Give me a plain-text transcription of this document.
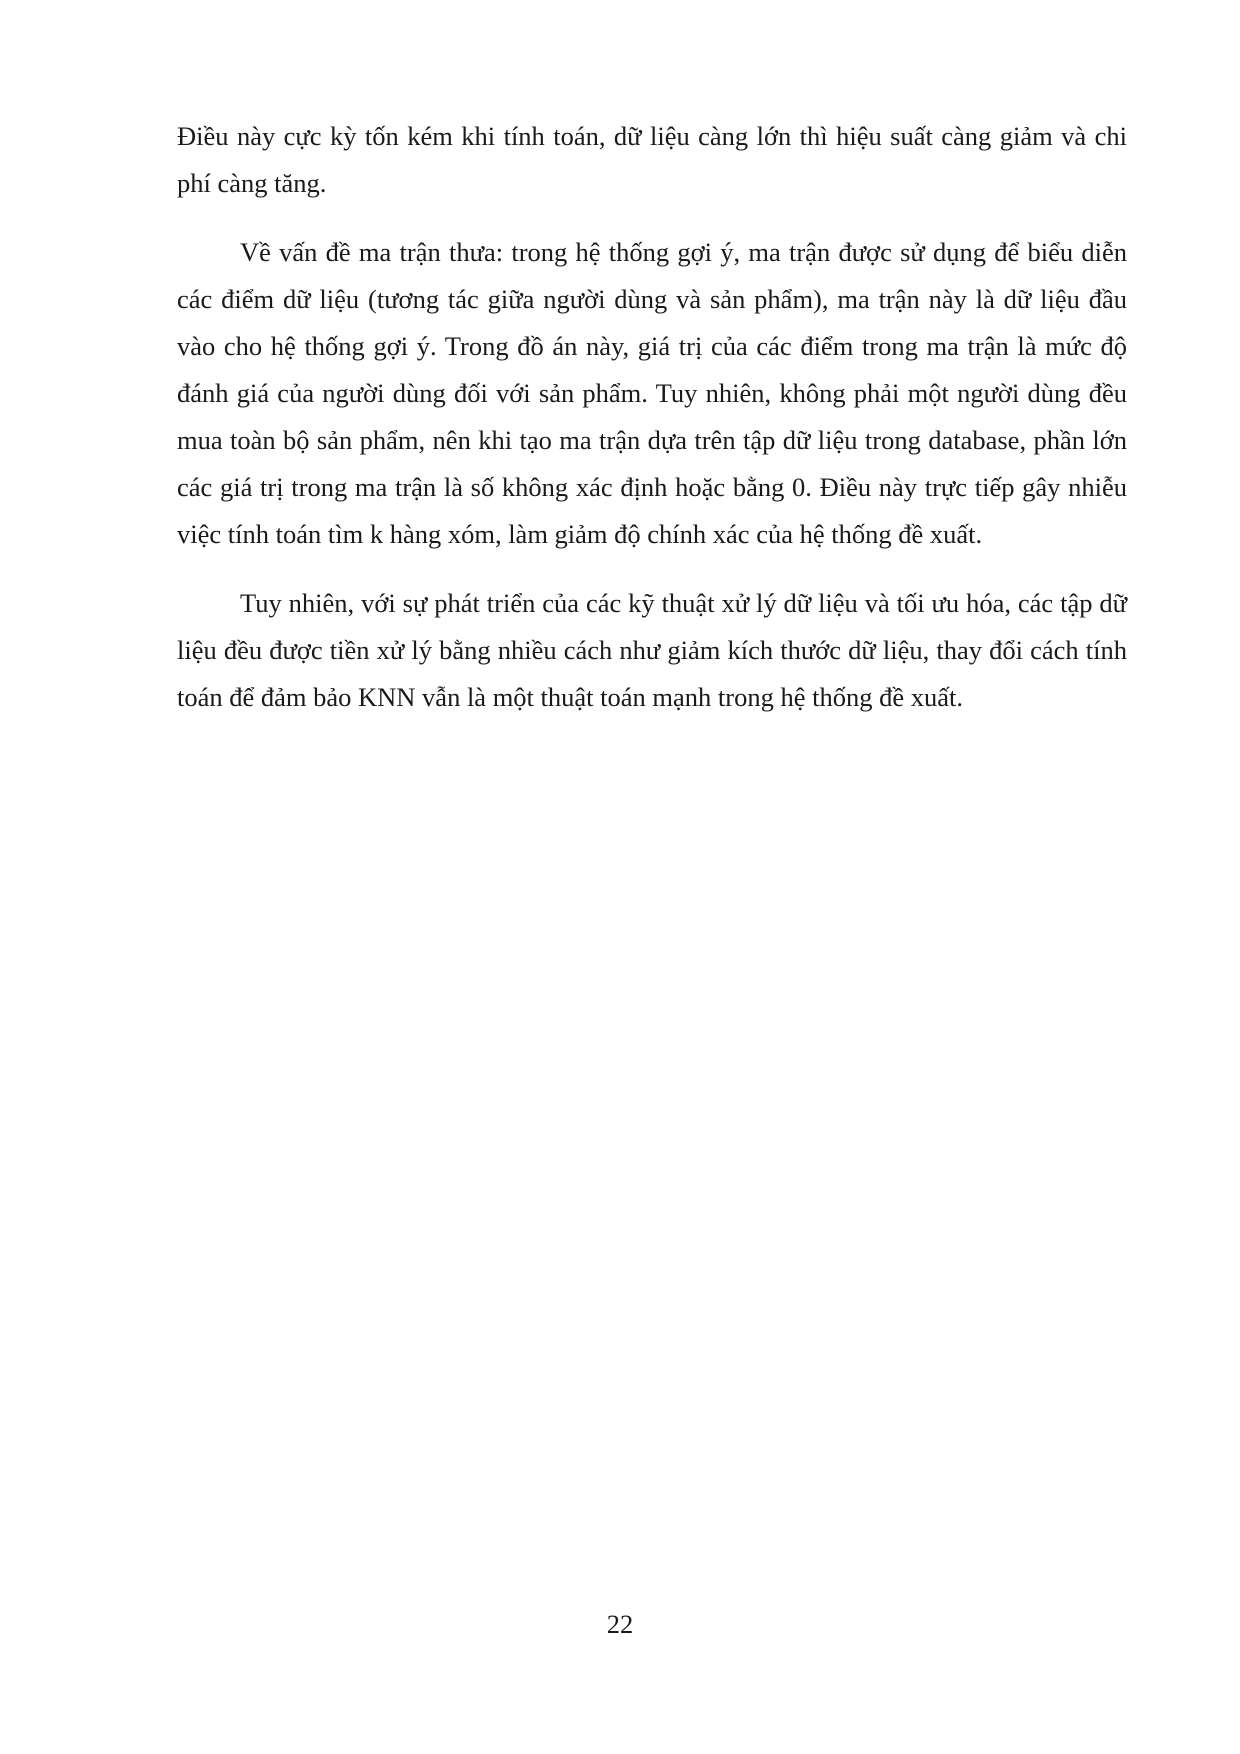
Điều này cực kỳ tốn kém khi tính toán, dữ liệu càng lớn thì hiệu suất càng giảm và chi phí càng tăng.

Về vấn đề ma trận thưa: trong hệ thống gợi ý, ma trận được sử dụng để biểu diễn các điểm dữ liệu (tương tác giữa người dùng và sản phẩm), ma trận này là dữ liệu đầu vào cho hệ thống gợi ý. Trong đồ án này, giá trị của các điểm trong ma trận là mức độ đánh giá của người dùng đối với sản phẩm. Tuy nhiên, không phải một người dùng đều mua toàn bộ sản phẩm, nên khi tạo ma trận dựa trên tập dữ liệu trong database, phần lớn các giá trị trong ma trận là số không xác định hoặc bằng 0. Điều này trực tiếp gây nhiễu việc tính toán tìm k hàng xóm, làm giảm độ chính xác của hệ thống đề xuất.

Tuy nhiên, với sự phát triển của các kỹ thuật xử lý dữ liệu và tối ưu hóa, các tập dữ liệu đều được tiền xử lý bằng nhiều cách như giảm kích thước dữ liệu, thay đổi cách tính toán để đảm bảo KNN vẫn là một thuật toán mạnh trong hệ thống đề xuất.

22
